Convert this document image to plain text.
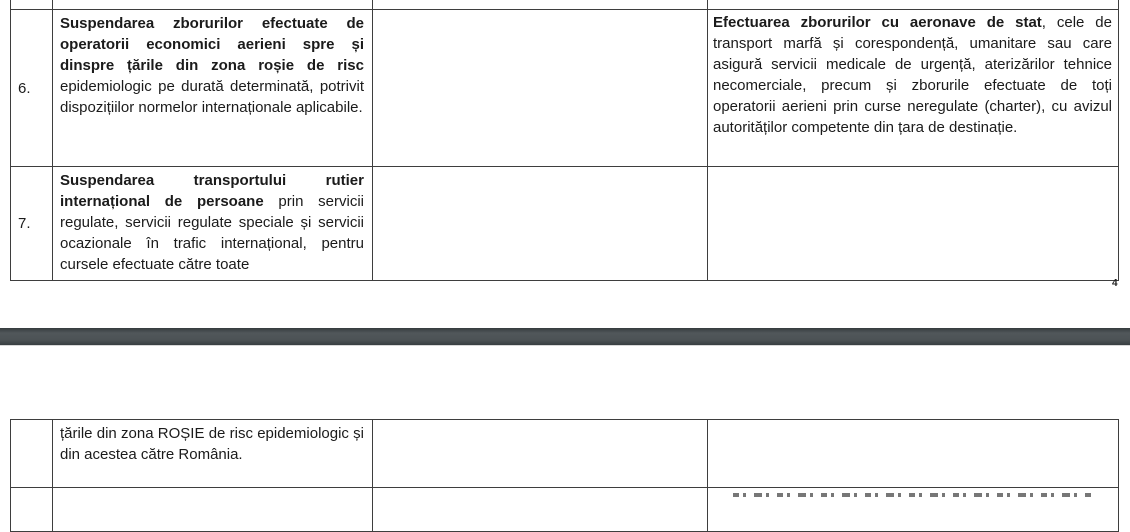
6.	Suspendarea zborurilor efectuate de operatorii economici aerieni spre și dinspre țările din zona roșie de risc epidemiologic pe durată determinată, potrivit dispozițiilor normelor internaționale aplicabile.		Efectuarea zborurilor cu aeronave de stat, cele de transport marfă și corespondență, umanitare sau care asigură servicii medicale de urgență, aterizărilor tehnice necomerciale, precum și zborurile efectuate de toți operatorii aerieni prin curse neregulate (charter), cu avizul autorităților competente din țara de destinație.
7.	Suspendarea transportului rutier internațional de persoane prin servicii regulate, servicii regulate speciale și servicii ocazionale în trafic internațional, pentru cursele efectuate către toate		
4
	țările din zona ROȘIE de risc epidemiologic și din acestea către România.		
